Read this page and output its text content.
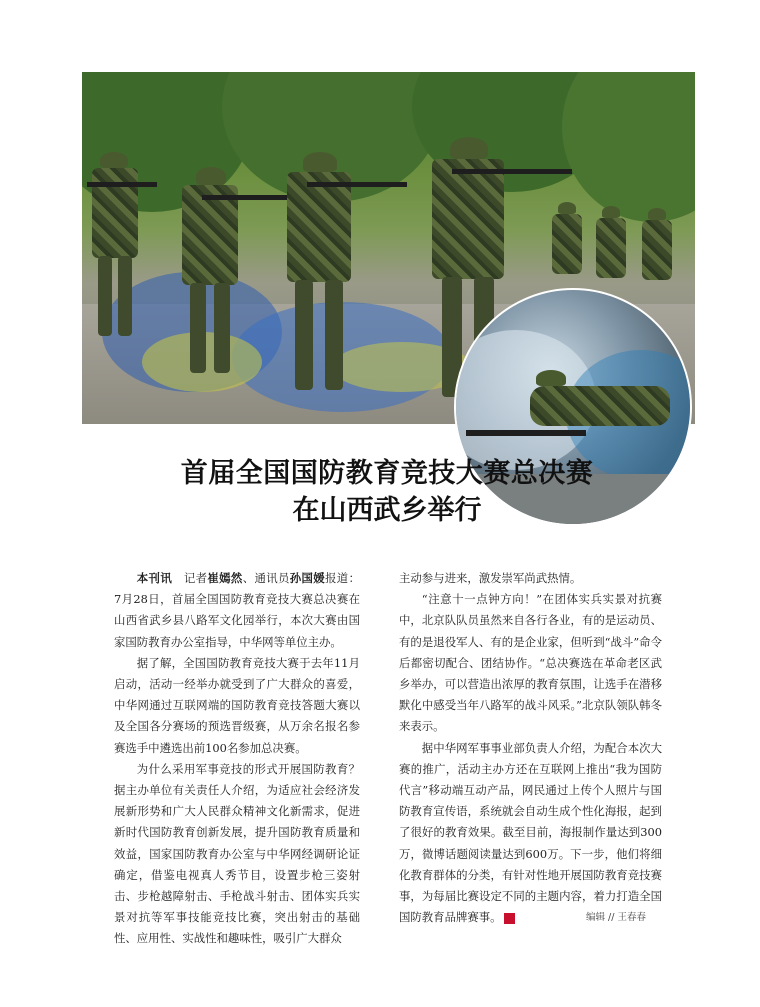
首届全国国防教育竞技大赛总决赛
在山西武乡举行

本刊讯　记者崔嫣然、通讯员孙国媛报道：7月28日，首届全国国防教育竞技大赛总决赛在山西省武乡县八路军文化园举行，本次大赛由国家国防教育办公室指导，中华网等单位主办。

据了解，全国国防教育竞技大赛于去年11月启动，活动一经举办就受到了广大群众的喜爱，中华网通过互联网端的国防教育竞技答题大赛以及全国各分赛场的预选晋级赛，从万余名报名参赛选手中遴选出前100名参加总决赛。

为什么采用军事竞技的形式开展国防教育？据主办单位有关责任人介绍，为适应社会经济发展新形势和广大人民群众精神文化新需求，促进新时代国防教育创新发展，提升国防教育质量和效益，国家国防教育办公室与中华网经调研论证确定，借鉴电视真人秀节目，设置步枪三姿射击、步枪越障射击、手枪战斗射击、团体实兵实景对抗等军事技能竞技比赛，突出射击的基础性、应用性、实战性和趣味性，吸引广大群众

主动参与进来，激发崇军尚武热情。

“注意十一点钟方向！”在团体实兵实景对抗赛中，北京队队员虽然来自各行各业，有的是运动员、有的是退役军人、有的是企业家，但听到“战斗”命令后都密切配合、团结协作。“总决赛选在革命老区武乡举办，可以营造出浓厚的教育氛围，让选手在潜移默化中感受当年八路军的战斗风采。”北京队领队韩冬来表示。

据中华网军事事业部负责人介绍，为配合本次大赛的推广，活动主办方还在互联网上推出“我为国防代言”移动端互动产品，网民通过上传个人照片与国防教育宣传语，系统就会自动生成个性化海报，起到了很好的教育效果。截至目前，海报制作量达到300万，微博话题阅读量达到600万。下一步，他们将细化教育群体的分类，有针对性地开展国防教育竞技赛事，为每届比赛设定不同的主题内容，着力打造全国国防教育品牌赛事。	G	编辑 // 王春春
